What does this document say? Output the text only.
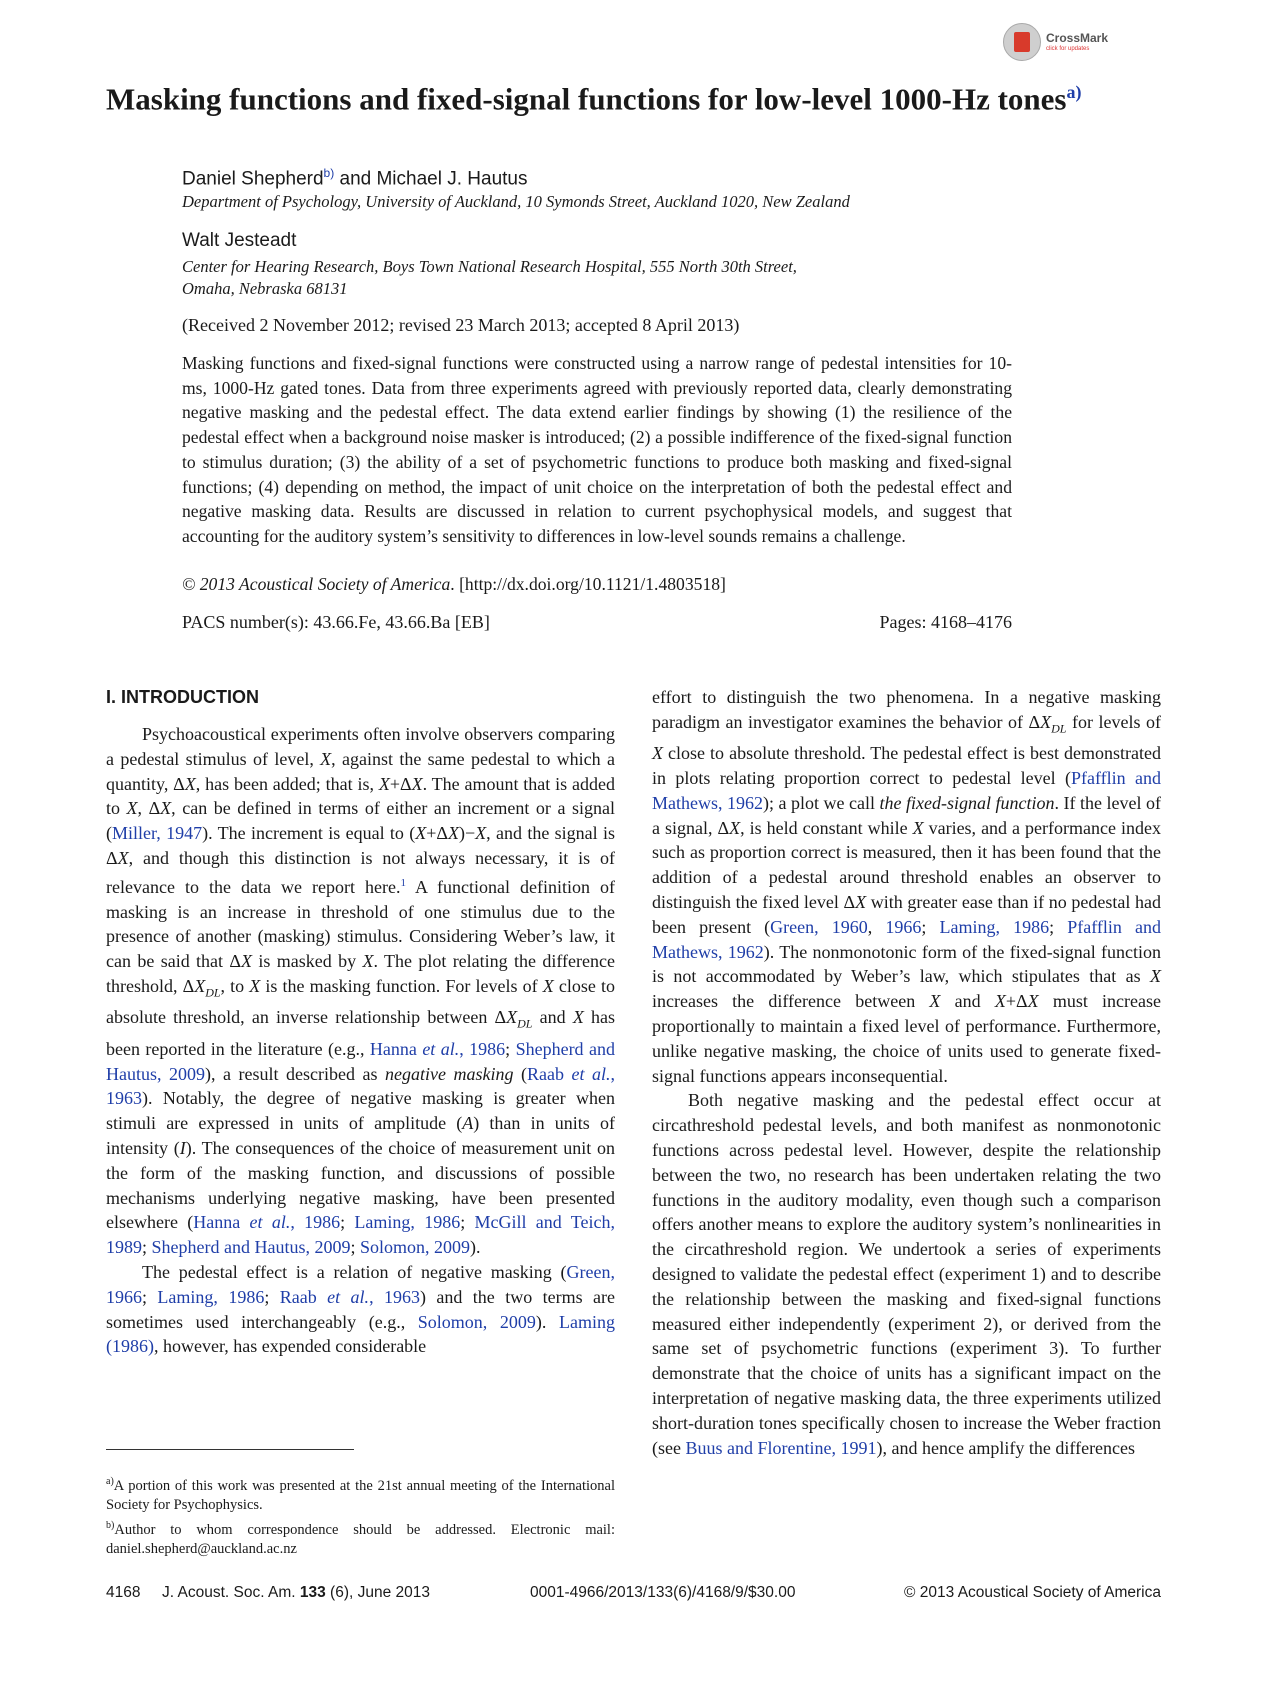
CrossMark
click for updates
Masking functions and fixed-signal functions for low-level 1000-Hz tones$^{a)}$

Daniel Shepherd$^{b)}$ and Michael J. Hautus

Department of Psychology, University of Auckland, 10 Symonds Street, Auckland 1020, New Zealand

Walt Jesteadt

Center for Hearing Research, Boys Town National Research Hospital, 555 North 30th Street,
Omaha, Nebraska 68131

(Received 2 November 2012; revised 23 March 2013; accepted 8 April 2013)

Masking functions and fixed-signal functions were constructed using a narrow range of pedestal intensities for 10-ms, 1000-Hz gated tones. Data from three experiments agreed with previously reported data, clearly demonstrating negative masking and the pedestal effect. The data extend earlier findings by showing (1) the resilience of the pedestal effect when a background noise masker is introduced; (2) a possible indifference of the fixed-signal function to stimulus duration; (3) the ability of a set of psychometric functions to produce both masking and fixed-signal functions; (4) depending on method, the impact of unit choice on the interpretation of both the pedestal effect and negative masking data. Results are discussed in relation to current psychophysical models, and suggest that accounting for the auditory system’s sensitivity to differences in low-level sounds remains a challenge.

© 2013 Acoustical Society of America. [http://dx.doi.org/10.1121/1.4803518]

PACS number(s): 43.66.Fe, 43.66.Ba [EB]	Pages: 4168–4176

I. INTRODUCTION

Psychoacoustical experiments often involve observers comparing a pedestal stimulus of level, X, against the same pedestal to which a quantity, ΔX, has been added; that is, X+ΔX. The amount that is added to X, ΔX, can be defined in terms of either an increment or a signal (Miller, 1947). The increment is equal to (X+ΔX)−X, and the signal is ΔX, and though this distinction is not always necessary, it is of relevance to the data we report here.$^1$ A functional definition of masking is an increase in threshold of one stimulus due to the presence of another (masking) stimulus. Considering Weber’s law, it can be said that ΔX is masked by X. The plot relating the difference threshold, $\Delta X_{DL}$, to X is the masking function. For levels of X close to absolute threshold, an inverse relationship between $\Delta X_{DL}$ and X has been reported in the literature (e.g., Hanna et al., 1986; Shepherd and Hautus, 2009), a result described as negative masking (Raab et al., 1963). Notably, the degree of negative masking is greater when stimuli are expressed in units of amplitude (A) than in units of intensity (I). The consequences of the choice of measurement unit on the form of the masking function, and discussions of possible mechanisms underlying negative masking, have been presented elsewhere (Hanna et al., 1986; Laming, 1986; McGill and Teich, 1989; Shepherd and Hautus, 2009; Solomon, 2009).

The pedestal effect is a relation of negative masking (Green, 1966; Laming, 1986; Raab et al., 1963) and the two terms are sometimes used interchangeably (e.g., Solomon, 2009). Laming (1986), however, has expended considerable

effort to distinguish the two phenomena. In a negative masking paradigm an investigator examines the behavior of $\Delta X_{DL}$ for levels of X close to absolute threshold. The pedestal effect is best demonstrated in plots relating proportion correct to pedestal level (Pfafflin and Mathews, 1962); a plot we call the fixed-signal function. If the level of a signal, ΔX, is held constant while X varies, and a performance index such as proportion correct is measured, then it has been found that the addition of a pedestal around threshold enables an observer to distinguish the fixed level ΔX with greater ease than if no pedestal had been present (Green, 1960, 1966; Laming, 1986; Pfafflin and Mathews, 1962). The nonmonotonic form of the fixed-signal function is not accommodated by Weber’s law, which stipulates that as X increases the difference between X and X+ΔX must increase proportionally to maintain a fixed level of performance. Furthermore, unlike negative masking, the choice of units used to generate fixed-signal functions appears inconsequential.

Both negative masking and the pedestal effect occur at circathreshold pedestal levels, and both manifest as nonmonotonic functions across pedestal level. However, despite the relationship between the two, no research has been undertaken relating the two functions in the auditory modality, even though such a comparison offers another means to explore the auditory system’s nonlinearities in the circathreshold region. We undertook a series of experiments designed to validate the pedestal effect (experiment 1) and to describe the relationship between the masking and fixed-signal functions measured either independently (experiment 2), or derived from the same set of psychometric functions (experiment 3). To further demonstrate that the choice of units has a significant impact on the interpretation of negative masking data, the three experiments utilized short-duration tones specifically chosen to increase the Weber fraction (see Buus and Florentine, 1991), and hence amplify the differences

$^{a)}$A portion of this work was presented at the 21st annual meeting of the International Society for Psychophysics.

$^{b)}$Author to whom correspondence should be addressed. Electronic mail: daniel.shepherd@auckland.ac.nz

4168 J. Acoust. Soc. Am. 133 (6), June 2013	0001-4966/2013/133(6)/4168/9/$30.00	© 2013 Acoustical Society of America
